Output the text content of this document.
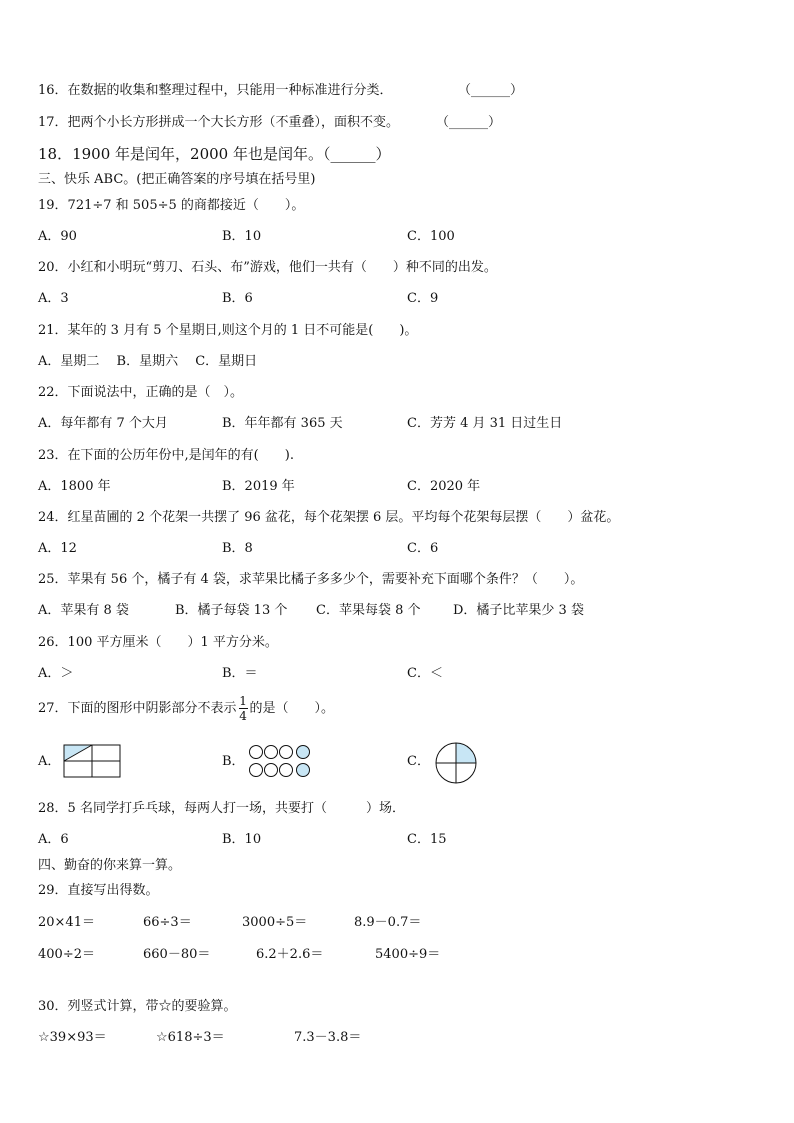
16．在数据的收集和整理过程中，只能用一种标准进行分类．	（______）
17．把两个小长方形拼成一个大长方形（不重叠），面积不变。	（______）
18．1900 年是闰年，2000 年也是闰年。（______）
三、快乐 ABC。(把正确答案的序号填在括号里)
19．721÷7 和 505÷5 的商都接近（　　）。
A．90	B．10	C．100
20．小红和小明玩“剪刀、石头、布”游戏，他们一共有（　　）种不同的出发。
A．3	B．6	C．9
21．某年的 3 月有 5 个星期日,则这个月的 1 日不可能是(　　)。
A．星期二　 B．星期六　 C．星期日
22．下面说法中，正确的是（　）。
A．每年都有 7 个大月	B．年年都有 365 天	C．芳芳 4 月 31 日过生日
23．在下面的公历年份中,是闰年的有(　　).
A．1800 年	B．2019 年	C．2020 年
24．红星苗圃的 2 个花架一共摆了 96 盆花，每个花架摆 6 层。平均每个花架每层摆（　　）盆花。
A．12	B．8	C．6
25．苹果有 56 个，橘子有 4 袋，求苹果比橘子多多少个，需要补充下面哪个条件？（　　）。
A．苹果有 8 袋	B．橘子每袋 13 个 C．苹果每袋 8 个	D．橘子比苹果少 3 袋
26．100 平方厘米（　　）1 平方分米。
A．＞	B．＝	C．＜
27．下面的图形中阴影部分不表示 $\frac{1}{4}$ 的是（　　）。
A．	B．	C．
28．5 名同学打乒乓球，每两人打一场，共要打（　　　）场．
A．6	B．10	C．15
四、勤奋的你来算一算。
29．直接写出得数。
20×41＝	66÷3＝	3000÷5＝	8.9－0.7＝
400÷2＝	660－80＝	6.2＋2.6＝	5400÷9＝
30．列竖式计算，带☆的要验算。
☆39×93＝	☆618÷3＝	7.3－3.8＝
